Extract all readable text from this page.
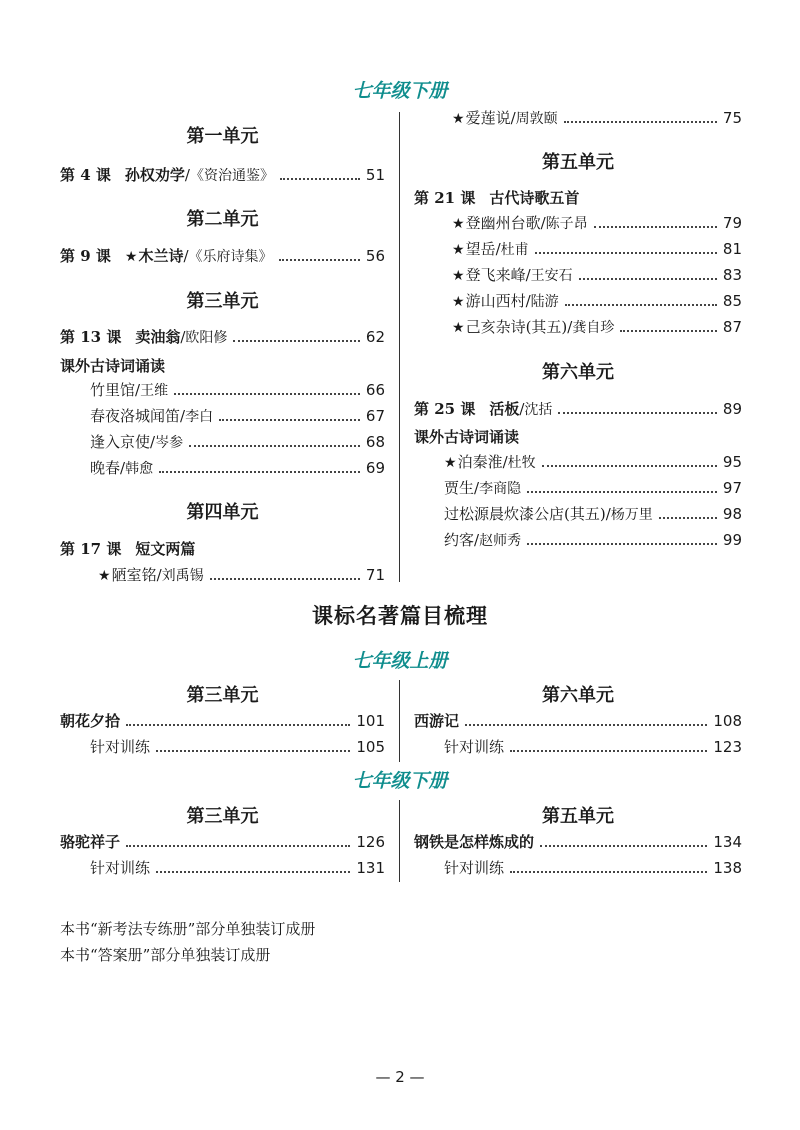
七年级下册
第一单元
第 4 课 孙权劝学 / 《资治通鉴》	51
第二单元
第 9 课 ★ 木兰诗 / 《乐府诗集》	56
第三单元
第 13 课 卖油翁 / 欧阳修	62
课外古诗词诵读
竹里馆 / 王维	66
春夜洛城闻笛 / 李白	67
逢入京使 / 岑参	68
晚春 / 韩愈	69
第四单元
第 17 课 短文两篇
★ 陋室铭 / 刘禹锡	71
★ 爱莲说 / 周敦颐	75
第五单元
第 21 课 古代诗歌五首
★ 登幽州台歌 / 陈子昂	79
★ 望岳 / 杜甫	81
★ 登飞来峰 / 王安石	83
★ 游山西村 / 陆游	85
★ 己亥杂诗(其五) / 龚自珍	87
第六单元
第 25 课 活板 / 沈括	89
课外古诗词诵读
★ 泊秦淮 / 杜牧	95
贾生 / 李商隐	97
过松源晨炊漆公店(其五) / 杨万里	98
约客 / 赵师秀	99
课标名著篇目梳理
七年级上册
第三单元
朝花夕拾	101
针对训练	105
第六单元
西游记	108
针对训练	123
七年级下册
第三单元
骆驼祥子	126
针对训练	131
第五单元
钢铁是怎样炼成的	134
针对训练	138
本书“新考法专练册”部分单独装订成册
本书“答案册”部分单独装订成册
— 2 —
